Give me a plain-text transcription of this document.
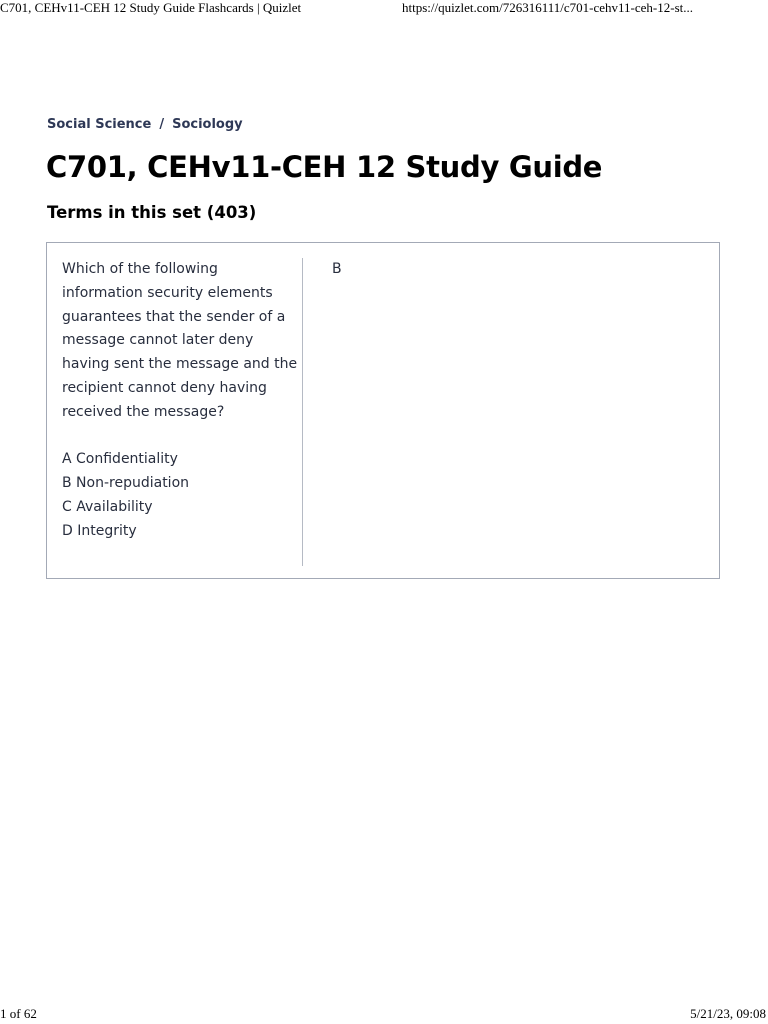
C701, CEHv11-CEH 12 Study Guide Flashcards | Quizlet	https://quizlet.com/726316111/c701-cehv11-ceh-12-st...
Social Science / Sociology
C701, CEHv11-CEH 12 Study Guide
Terms in this set (403)
Which of the following information security elements guarantees that the sender of a message cannot later deny having sent the message and the recipient cannot deny having received the message?

A Confidentiality
B Non-repudiation
C Availability
D Integrity
B
1 of 62	5/21/23, 09:08
